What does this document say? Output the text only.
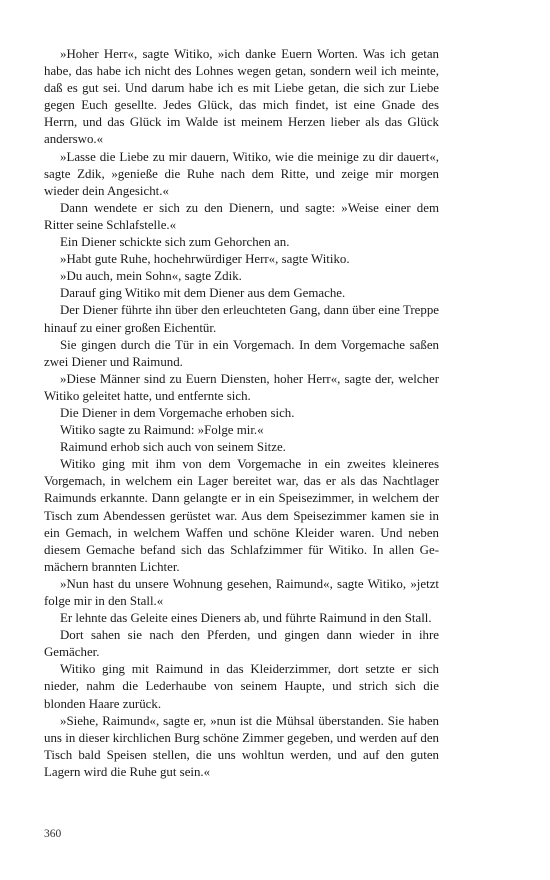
»Hoher Herr«, sagte Witiko, »ich danke Euern Worten. Was ich getan habe, das habe ich nicht des Lohnes wegen getan, sondern weil ich meinte, daß es gut sei. Und darum habe ich es mit Liebe getan, die sich zur Liebe gegen Euch gesellte. Jedes Glück, das mich findet, ist eine Gnade des Herrn, und das Glück im Walde ist meinem Herzen lieber als das Glück anderswo.«

»Lasse die Liebe zu mir dauern, Witiko, wie die meinige zu dir dauert«, sagte Zdik, »genieße die Ruhe nach dem Ritte, und zeige mir morgen wieder dein Angesicht.«

Dann wendete er sich zu den Dienern, und sagte: »Weise einer dem Ritter seine Schlafstelle.«

Ein Diener schickte sich zum Gehorchen an.

»Habt gute Ruhe, hochehrwürdiger Herr«, sagte Witiko.

»Du auch, mein Sohn«, sagte Zdik.

Darauf ging Witiko mit dem Diener aus dem Gemache.

Der Diener führte ihn über den erleuchteten Gang, dann über eine Treppe hinauf zu einer großen Eichentür.

Sie gingen durch die Tür in ein Vorgemach. In dem Vorgemache saßen zwei Diener und Raimund.

»Diese Männer sind zu Euern Diensten, hoher Herr«, sagte der, welcher Witiko geleitet hatte, und entfernte sich.

Die Diener in dem Vorgemache erhoben sich.

Witiko sagte zu Raimund: »Folge mir.«

Raimund erhob sich auch von seinem Sitze.

Witiko ging mit ihm von dem Vorgemache in ein zweites kleineres Vorgemach, in welchem ein Lager bereitet war, das er als das Nachtlager Raimunds erkannte. Dann gelangte er in ein Speisezimmer, in welchem der Tisch zum Abendessen gerüstet war. Aus dem Speisezimmer kamen sie in ein Gemach, in welchem Waffen und schöne Kleider waren. Und neben diesem Gemache befand sich das Schlafzimmer für Witiko. In allen Gemächern brannten Lichter.

»Nun hast du unsere Wohnung gesehen, Raimund«, sagte Witiko, »jetzt folge mir in den Stall.«

Er lehnte das Geleite eines Dieners ab, und führte Raimund in den Stall.

Dort sahen sie nach den Pferden, und gingen dann wieder in ihre Gemächer.

Witiko ging mit Raimund in das Kleiderzimmer, dort setzte er sich nieder, nahm die Lederhaube von seinem Haupte, und strich sich die blonden Haare zurück.

»Siehe, Raimund«, sagte er, »nun ist die Mühsal überstanden. Sie haben uns in dieser kirchlichen Burg schöne Zimmer gegeben, und werden auf den Tisch bald Speisen stellen, die uns wohltun werden, und auf den guten Lagern wird die Ruhe gut sein.«

360
